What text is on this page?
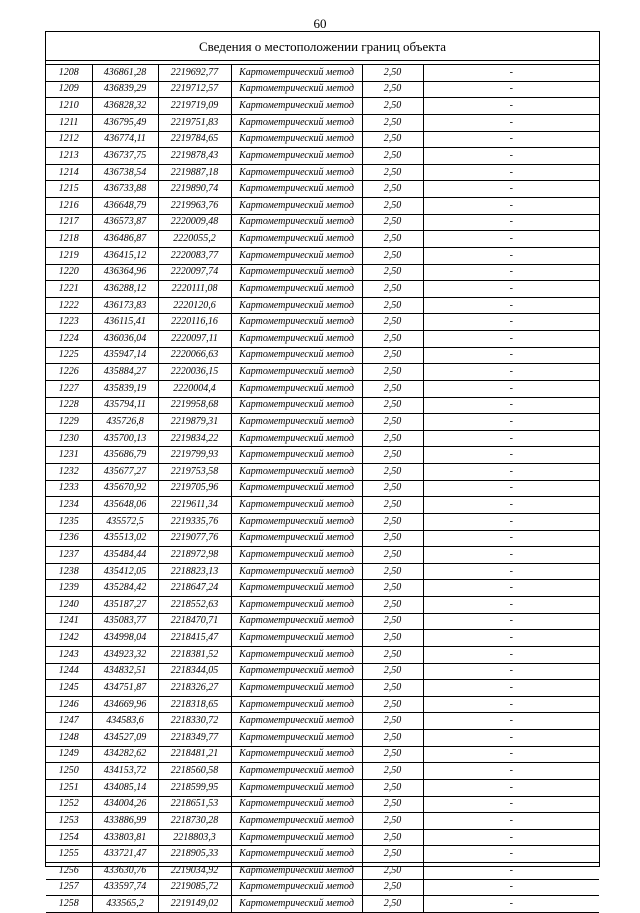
60
Сведения о местоположении границ объекта
1208	436861,28	2219692,77	Картометрический метод	2,50	-
1209	436839,29	2219712,57	Картометрический метод	2,50	-
1210	436828,32	2219719,09	Картометрический метод	2,50	-
1211	436795,49	2219751,83	Картометрический метод	2,50	-
1212	436774,11	2219784,65	Картометрический метод	2,50	-
1213	436737,75	2219878,43	Картометрический метод	2,50	-
1214	436738,54	2219887,18	Картометрический метод	2,50	-
1215	436733,88	2219890,74	Картометрический метод	2,50	-
1216	436648,79	2219963,76	Картометрический метод	2,50	-
1217	436573,87	2220009,48	Картометрический метод	2,50	-
1218	436486,87	2220055,2	Картометрический метод	2,50	-
1219	436415,12	2220083,77	Картометрический метод	2,50	-
1220	436364,96	2220097,74	Картометрический метод	2,50	-
1221	436288,12	2220111,08	Картометрический метод	2,50	-
1222	436173,83	2220120,6	Картометрический метод	2,50	-
1223	436115,41	2220116,16	Картометрический метод	2,50	-
1224	436036,04	2220097,11	Картометрический метод	2,50	-
1225	435947,14	2220066,63	Картометрический метод	2,50	-
1226	435884,27	2220036,15	Картометрический метод	2,50	-
1227	435839,19	2220004,4	Картометрический метод	2,50	-
1228	435794,11	2219958,68	Картометрический метод	2,50	-
1229	435726,8	2219879,31	Картометрический метод	2,50	-
1230	435700,13	2219834,22	Картометрический метод	2,50	-
1231	435686,79	2219799,93	Картометрический метод	2,50	-
1232	435677,27	2219753,58	Картометрический метод	2,50	-
1233	435670,92	2219705,96	Картометрический метод	2,50	-
1234	435648,06	2219611,34	Картометрический метод	2,50	-
1235	435572,5	2219335,76	Картометрический метод	2,50	-
1236	435513,02	2219077,76	Картометрический метод	2,50	-
1237	435484,44	2218972,98	Картометрический метод	2,50	-
1238	435412,05	2218823,13	Картометрический метод	2,50	-
1239	435284,42	2218647,24	Картометрический метод	2,50	-
1240	435187,27	2218552,63	Картометрический метод	2,50	-
1241	435083,77	2218470,71	Картометрический метод	2,50	-
1242	434998,04	2218415,47	Картометрический метод	2,50	-
1243	434923,32	2218381,52	Картометрический метод	2,50	-
1244	434832,51	2218344,05	Картометрический метод	2,50	-
1245	434751,87	2218326,27	Картометрический метод	2,50	-
1246	434669,96	2218318,65	Картометрический метод	2,50	-
1247	434583,6	2218330,72	Картометрический метод	2,50	-
1248	434527,09	2218349,77	Картометрический метод	2,50	-
1249	434282,62	2218481,21	Картометрический метод	2,50	-
1250	434153,72	2218560,58	Картометрический метод	2,50	-
1251	434085,14	2218599,95	Картометрический метод	2,50	-
1252	434004,26	2218651,53	Картометрический метод	2,50	-
1253	433886,99	2218730,28	Картометрический метод	2,50	-
1254	433803,81	2218803,3	Картометрический метод	2,50	-
1255	433721,47	2218905,33	Картометрический метод	2,50	-
1256	433630,76	2219034,92	Картометрический метод	2,50	-
1257	433597,74	2219085,72	Картометрический метод	2,50	-
1258	433565,2	2219149,02	Картометрический метод	2,50	-
